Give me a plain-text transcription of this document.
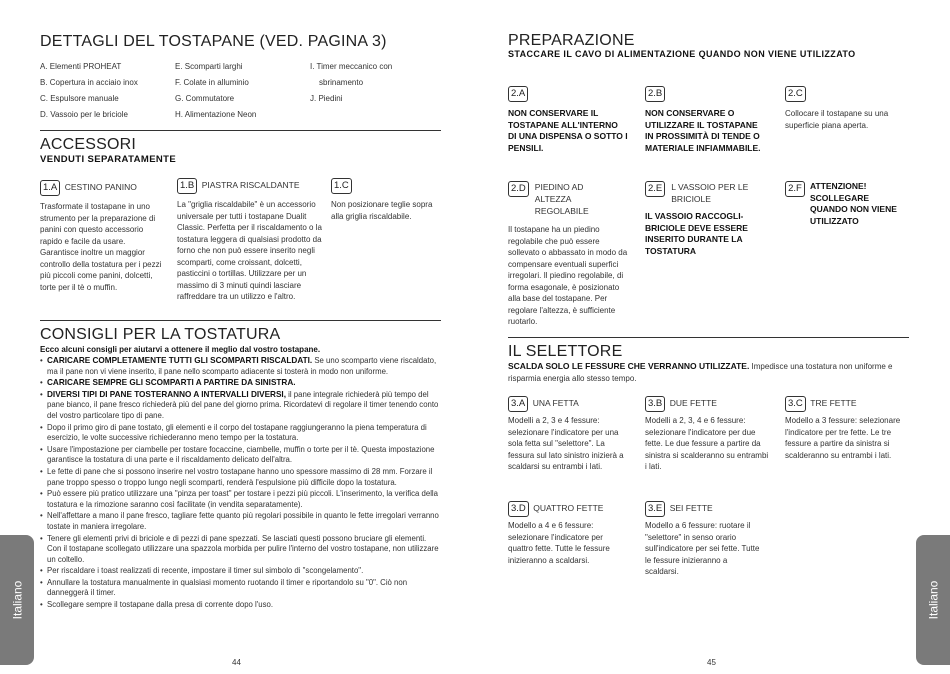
DETTAGLI DEL TOSTAPANE (VED. PAGINA 3)
A. Elementi PROHEAT
B. Copertura in acciaio inox
C. Espulsore manuale
D. Vassoio per le briciole
E. Scomparti larghi
F. Colate in alluminio
G. Commutatore
H. Alimentazione Neon
I. Timer meccanico con
sbrinamento
J. Piedini
ACCESSORI
VENDUTI SEPARATAMENTE
1.A CESTINO PANINO
Trasformate il tostapane in uno strumento per la preparazione di panini con questo accessorio rapido e facile da usare. Garantisce inoltre un maggior controllo della tostatura per i pezzi più piccoli come panini, dolcetti, torte per il tè o muffin.
1.B PIASTRA RISCALDANTE
La "griglia riscaldabile" è un accessorio universale per tutti i tostapane Dualit Classic. Perfetta per il riscaldamento o la tostatura leggera di qualsiasi prodotto da forno che non può essere inserito negli scomparti, come croissant, dolcetti, pasticcini o tortillas. Utilizzare per un massimo di 3 minuti quindi lasciare raffreddare tra un utilizzo e l'altro.
1.C
Non posizionare teglie sopra alla griglia riscaldabile.
CONSIGLI PER LA TOSTATURA
Ecco alcuni consigli per aiutarvi a ottenere il meglio dal vostro tostapane.
• CARICARE COMPLETAMENTE TUTTI GLI SCOMPARTI RISCALDATI. Se uno scomparto viene riscaldato, ma il pane non vi viene inserito, il pane nello scomparto adiacente si tosterà in modo non uniforme.
• CARICARE SEMPRE GLI SCOMPARTI A PARTIRE DA SINISTRA.
• DIVERSI TIPI DI PANE TOSTERANNO A INTERVALLI DIVERSI, il pane integrale richiederà più tempo del pane bianco, il pane fresco richiederà più del pane del giorno prima. Ricordatevi di regolare il timer tenendo conto del vostro particolare tipo di pane.
• Dopo il primo giro di pane tostato, gli elementi e il corpo del tostapane raggiungeranno la piena temperatura di esercizio, le volte successive richiederanno meno tempo per la tostatura.
• Usare l'impostazione per ciambelle per tostare focaccine, ciambelle, muffin o torte per il tè. Questa impostazione garantisce la tostatura di una parte e il riscaldamento delicato dell'altra.
• Le fette di pane che si possono inserire nel vostro tostapane hanno uno spessore massimo di 28 mm. Forzare il pane troppo spesso o troppo lungo negli scomparti, renderà l'espulsione più difficile dopo la tostatura.
• Può essere più pratico utilizzare una "pinza per toast" per tostare i pezzi più piccoli. L'inserimento, la verifica della tostatura e la rimozione saranno così facilitate (in vendita separatamente).
• Nell'affettare a mano il pane fresco, tagliare fette quanto più regolari possibile in quanto le fette irregolari verranno tostate in maniera irregolare.
• Tenere gli elementi privi di briciole e di pezzi di pane spezzati. Se lasciati questi possono bruciare gli elementi. Con il tostapane scollegato utilizzare una spazzola morbida per pulire l'interno del vostro tostapane, non utilizzare un coltello.
• Per riscaldare i toast realizzati di recente, impostare il timer sul simbolo di "scongelamento".
• Annullare la tostatura manualmente in qualsiasi momento ruotando il timer e riportandolo su "0". Ciò non danneggerà il timer.
• Scollegare sempre il tostapane dalla presa di corrente dopo l'uso.
44
Italiano
PREPARAZIONE
STACCARE IL CAVO DI ALIMENTAZIONE QUANDO NON VIENE UTILIZZATO
2.A
NON CONSERVARE IL TOSTAPANE ALL'INTERNO DI UNA DISPENSA O SOTTO I PENSILI.
2.B
NON CONSERVARE O UTILIZZARE IL TOSTAPANE IN PROSSIMITÀ DI TENDE O MATERIALE INFIAMMABILE.
2.C
Collocare il tostapane su una superficie piana aperta.
2.D	PIEDINO AD ALTEZZA REGOLABILE
Il tostapane ha un piedino regolabile che può essere sollevato o abbassato in modo da compensare eventuali superfici irregolari. Il piedino regolabile, di forma esagonale, è posizionato alla base del tostapane. Per regolare l'altezza, è sufficiente ruotarlo.
2.E	L VASSOIO PER LE BRICIOLE
IL VASSOIO RACCOGLI-BRICIOLE DEVE ESSERE INSERITO DURANTE LA TOSTATURA
2.F ATTENZIONE! SCOLLEGARE QUANDO NON VIENE UTILIZZATO
IL SELETTORE
SCALDA SOLO LE FESSURE CHE VERRANNO UTILIZZATE. Impedisce una tostatura non uniforme e risparmia energia allo stesso tempo.
3.A UNA FETTA
Modelli a 2, 3 e 4 fessure: selezionare l'indicatore per una sola fetta sul "selettore". La fessura sul lato sinistro inizierà a scaldarsi su entrambi i lati.
3.B DUE FETTE
Modelli a 2, 3, 4 e 6 fessure: selezionare l'indicatore per due fette. Le due fessure a partire da sinistra si scalderanno su entrambi i lati.
3.C TRE FETTE
Modello a 3 fessure: selezionare l'indicatore per tre fette. Le tre fessure a partire da sinistra si scalderanno su entrambi i lati.
3.D QUATTRO FETTE
Modello a 4 e 6 fessure: selezionare l'indicatore per quattro fette. Tutte le fessure inizieranno a scaldarsi.
3.E SEI FETTE
Modello a 6 fessure: ruotare il "selettore" in senso orario sull'indicatore per sei fette. Tutte le fessure inizieranno a scaldarsi.
45
Italiano
